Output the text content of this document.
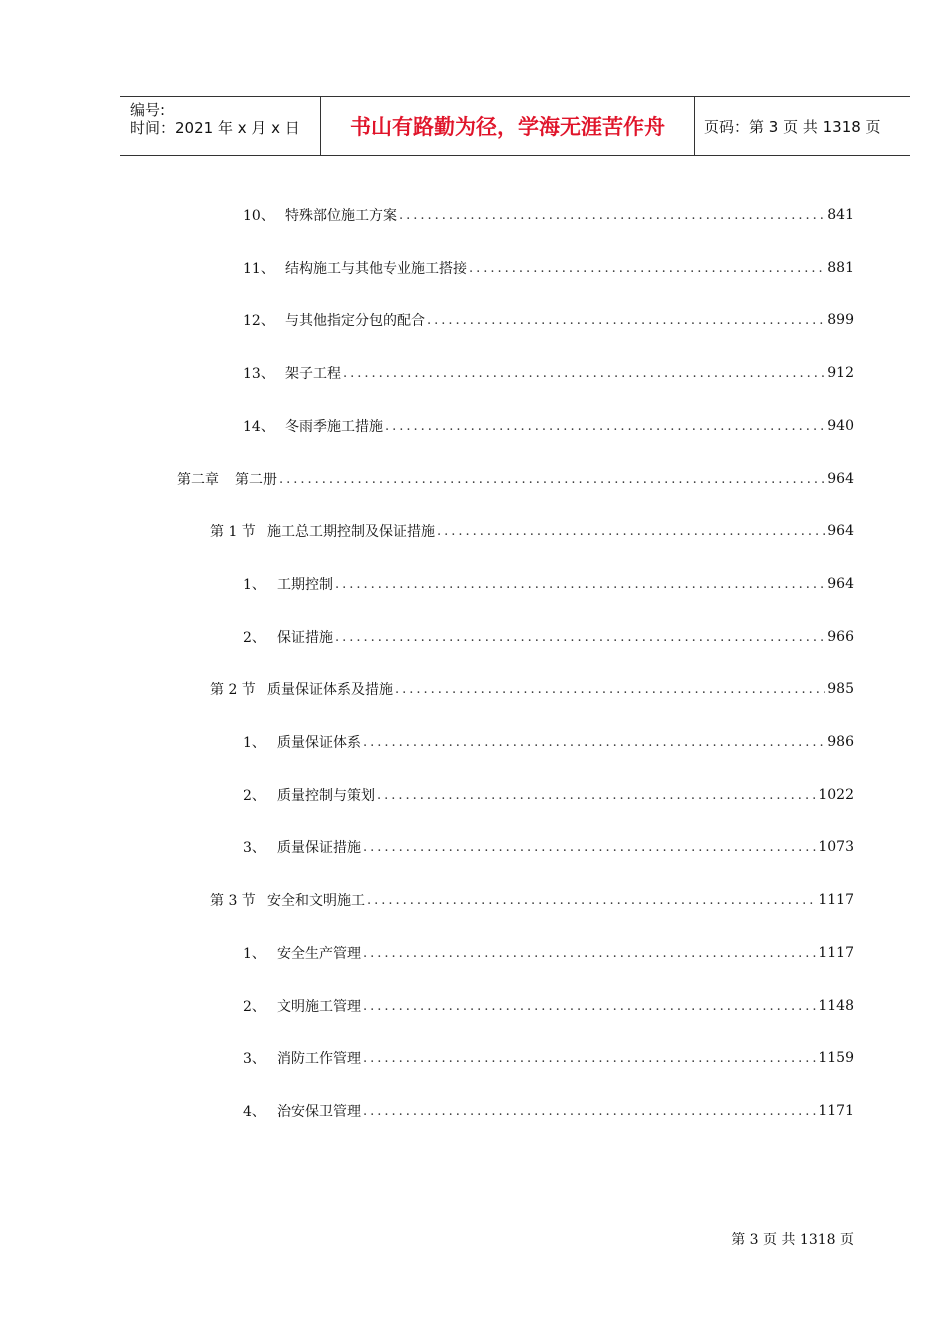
编号:
时间：2021 年 x 月 x 日	书山有路勤为径，学海无涯苦作舟	页码：第 3 页 共 1318 页
10、 特殊部位施工方案 .....	841
11、 结构施工与其他专业施工搭接 .....	881
12、 与其他指定分包的配合 .....	899
13、 架子工程 .....	912
14、 冬雨季施工措施 .....	940
第二章	第二册 .....	964
第 1 节 施工总工期控制及保证措施 .....	964
1、 工期控制 .....	964
2、 保证措施 .....	966
第 2 节 质量保证体系及措施 .....	985
1、 质量保证体系 .....	986
2、 质量控制与策划 .....	1022
3、 质量保证措施 .....	1073
第 3 节 安全和文明施工 .....	1117
1、 安全生产管理 .....	1117
2、 文明施工管理 .....	1148
3、 消防工作管理 .....	1159
4、 治安保卫管理 .....	1171
第 3 页 共 1318 页
